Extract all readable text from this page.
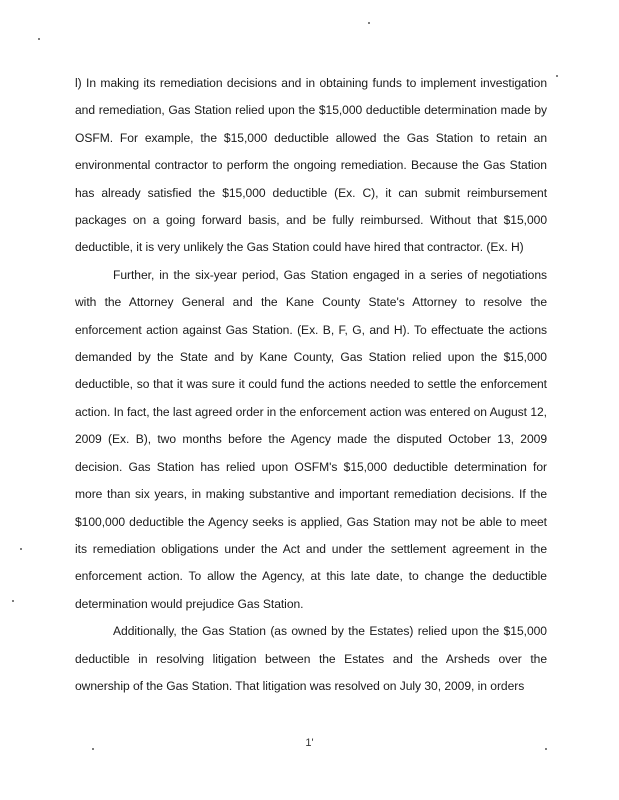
l) In making its remediation decisions and in obtaining funds to implement investigation and remediation, Gas Station relied upon the $15,000 deductible determination made by OSFM. For example, the $15,000 deductible allowed the Gas Station to retain an environmental contractor to perform the ongoing remediation. Because the Gas Station has already satisfied the $15,000 deductible (Ex. C), it can submit reimbursement packages on a going forward basis, and be fully reimbursed. Without that $15,000 deductible, it is very unlikely the Gas Station could have hired that contractor. (Ex. H)

Further, in the six-year period, Gas Station engaged in a series of negotiations with the Attorney General and the Kane County State's Attorney to resolve the enforcement action against Gas Station. (Ex. B, F, G, and H). To effectuate the actions demanded by the State and by Kane County, Gas Station relied upon the $15,000 deductible, so that it was sure it could fund the actions needed to settle the enforcement action. In fact, the last agreed order in the enforcement action was entered on August 12, 2009 (Ex. B), two months before the Agency made the disputed October 13, 2009 decision. Gas Station has relied upon OSFM's $15,000 deductible determination for more than six years, in making substantive and important remediation decisions. If the $100,000 deductible the Agency seeks is applied, Gas Station may not be able to meet its remediation obligations under the Act and under the settlement agreement in the enforcement action. To allow the Agency, at this late date, to change the deductible determination would prejudice Gas Station.

Additionally, the Gas Station (as owned by the Estates) relied upon the $15,000 deductible in resolving litigation between the Estates and the Arsheds over the ownership of the Gas Station. That litigation was resolved on July 30, 2009, in orders

1'
